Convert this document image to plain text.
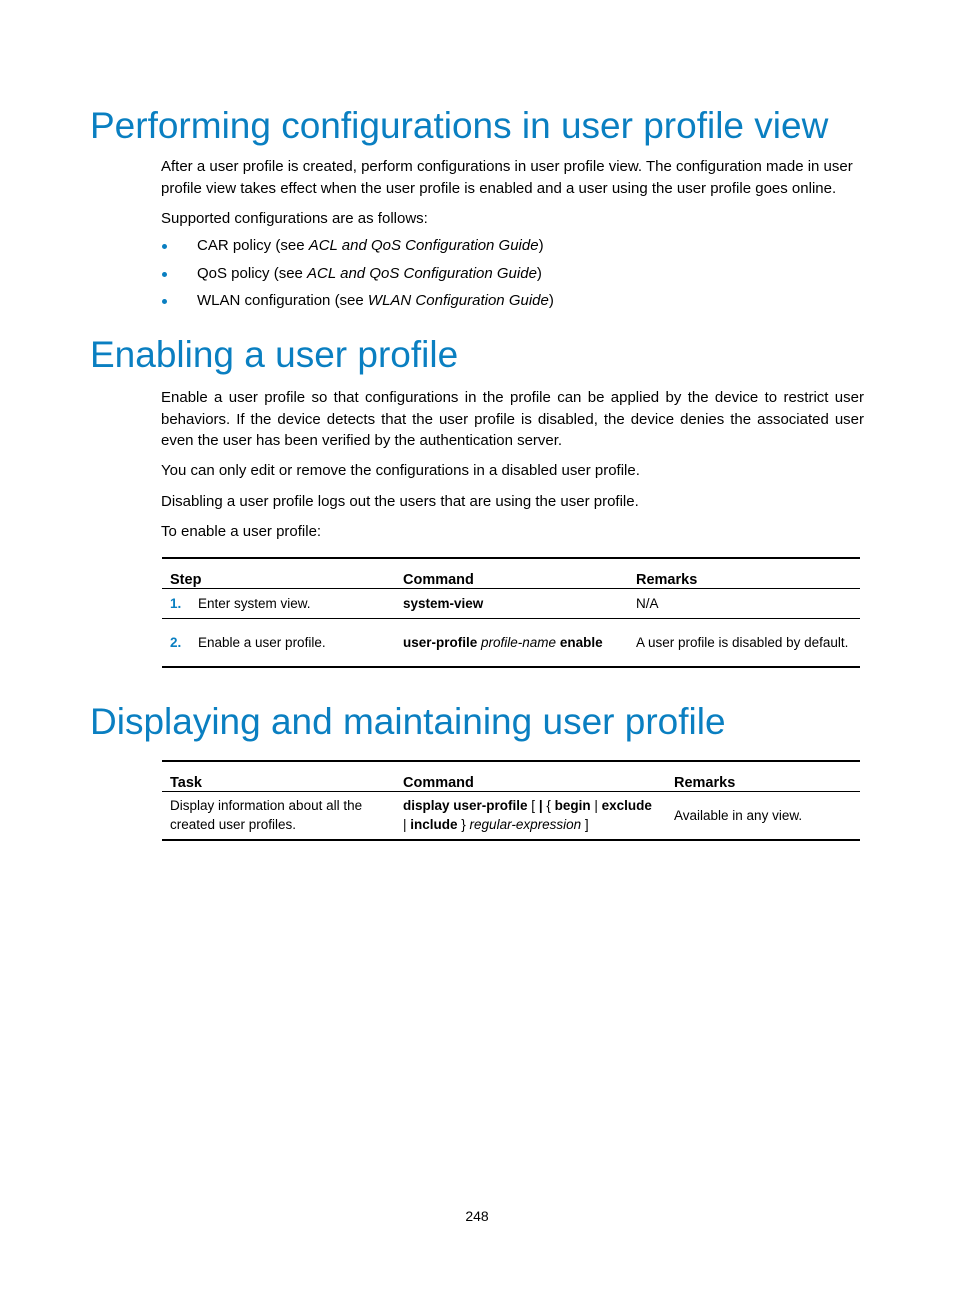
Performing configurations in user profile view

After a user profile is created, perform configurations in user profile view. The configuration made in user profile view takes effect when the user profile is enabled and a user using the user profile goes online.

Supported configurations are as follows:

CAR policy (see ACL and QoS Configuration Guide)
QoS policy (see ACL and QoS Configuration Guide)
WLAN configuration (see WLAN Configuration Guide)
Enabling a user profile

Enable a user profile so that configurations in the profile can be applied by the device to restrict user behaviors. If the device detects that the user profile is disabled, the device denies the associated user even the user has been verified by the authentication server.

You can only edit or remove the configurations in a disabled user profile.

Disabling a user profile logs out the users that are using the user profile.

To enable a user profile:

Step	Command	Remarks
1. Enter system view.	system-view	N/A
2. Enable a user profile.	user-profile profile-name enable	A user profile is disabled by default.
Displaying and maintaining user profile
Task	Command	Remarks
Display information about all the created user profiles.	display user-profile [ | { begin | exclude | include } regular-expression ]	Available in any view.
248
